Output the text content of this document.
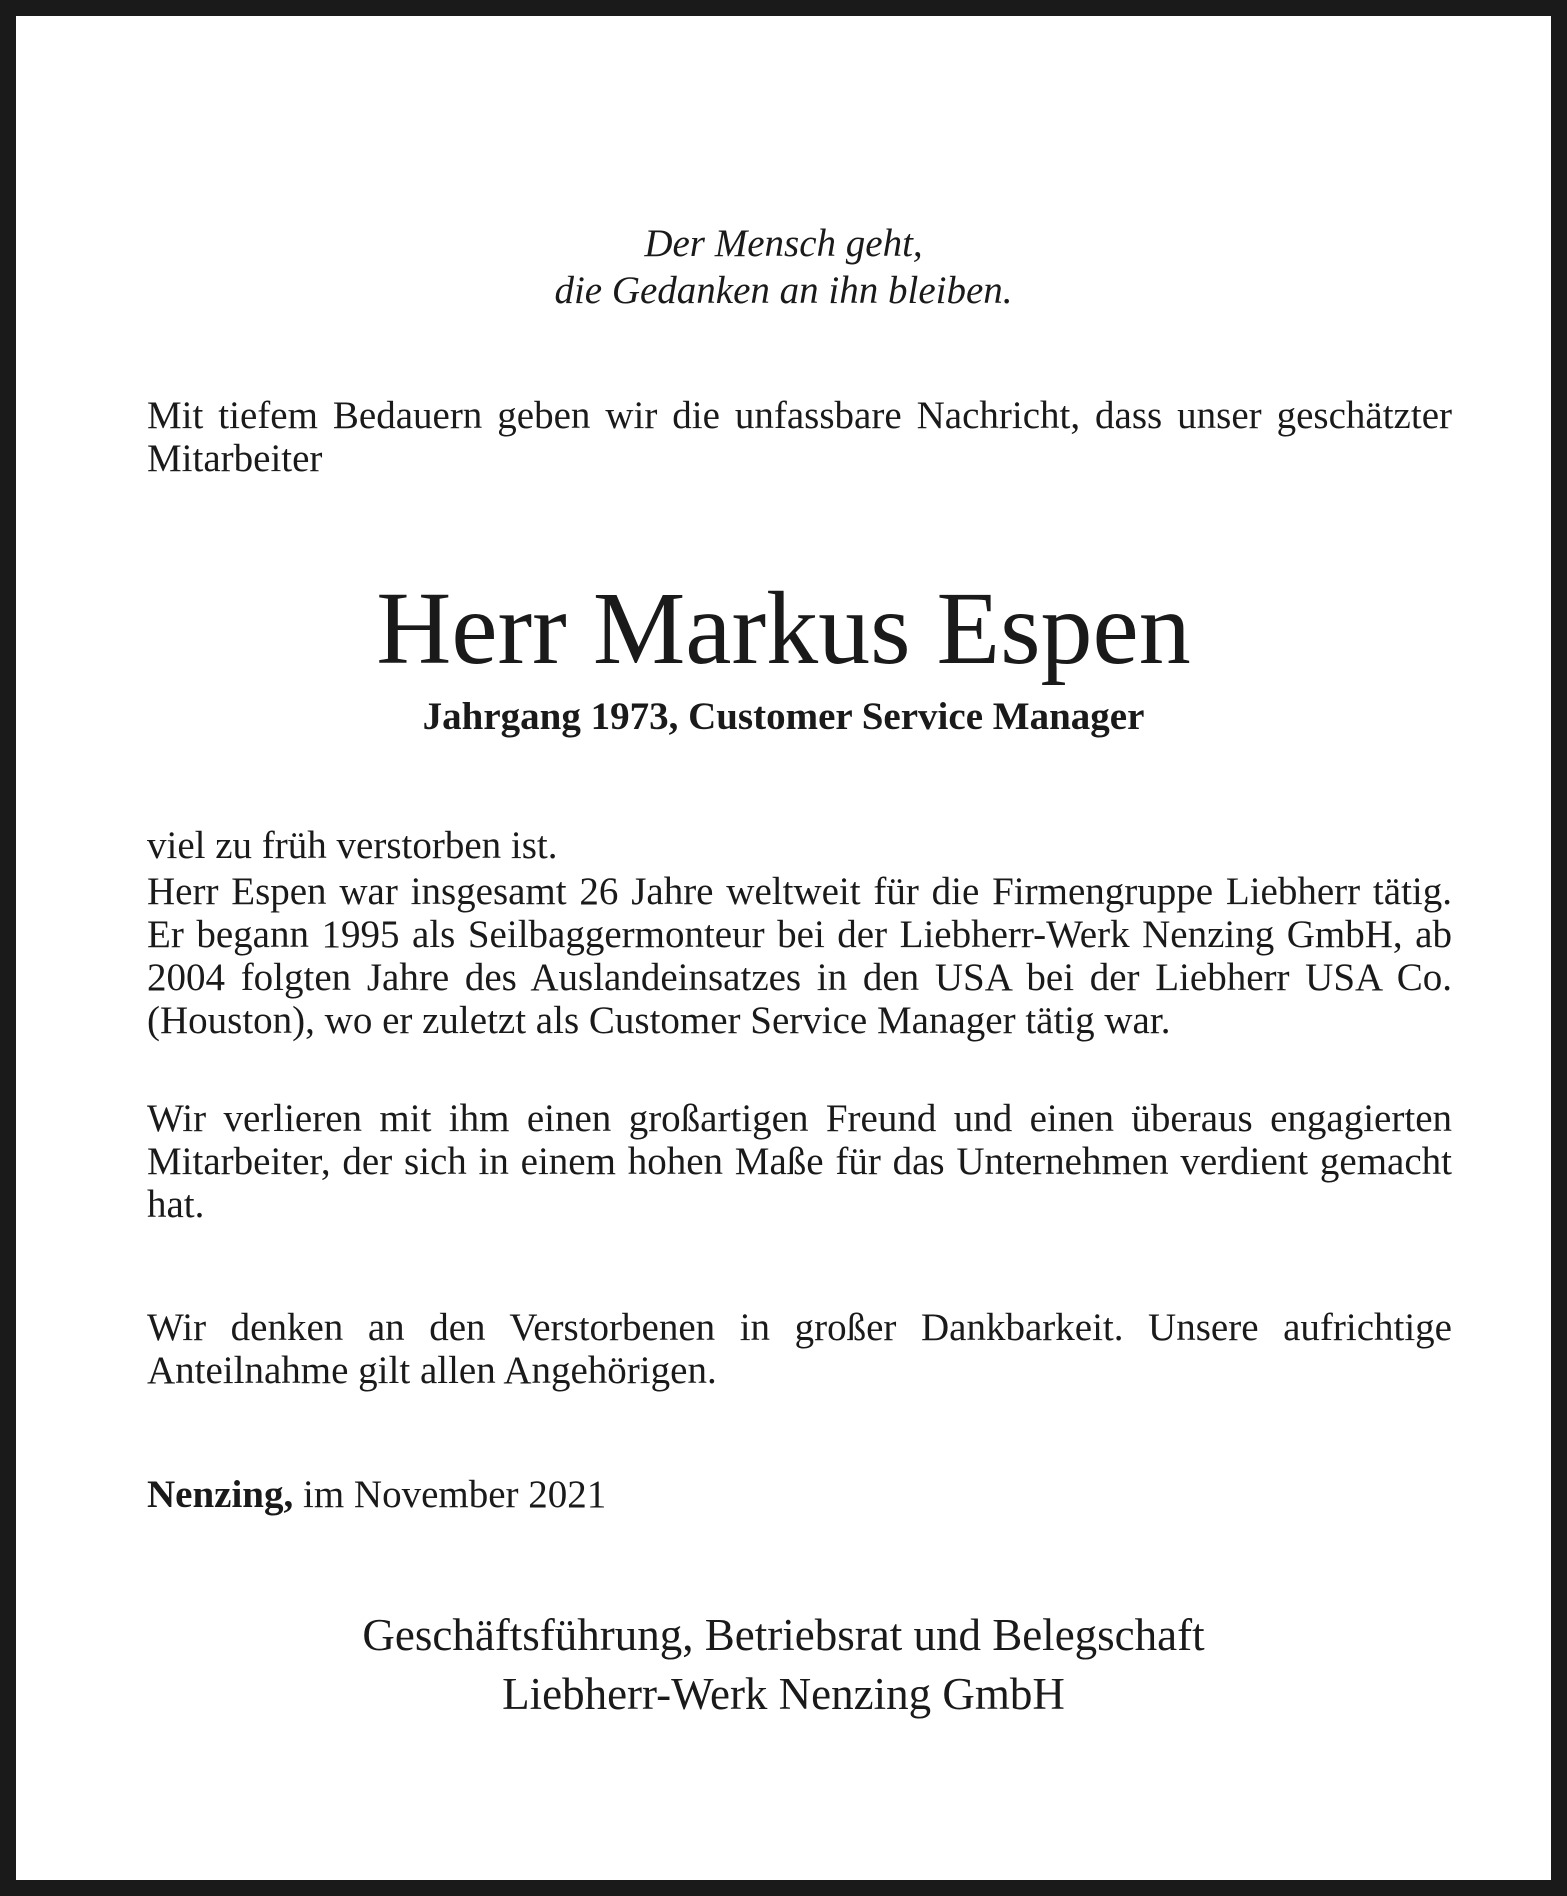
Der Mensch geht,
die Gedanken an ihn bleiben.
Mit tiefem Bedauern geben wir die unfassbare Nachricht, dass unser geschätzter Mitarbeiter
Herr Markus Espen
Jahrgang 1973, Customer Service Manager
viel zu früh verstorben ist.
Herr Espen war insgesamt 26 Jahre weltweit für die Firmengruppe Liebherr tätig. Er begann 1995 als Seilbaggermonteur bei der Liebherr-Werk Nenzing GmbH, ab 2004 folgten Jahre des Auslandeinsatzes in den USA bei der Liebherr USA Co. (Houston), wo er zuletzt als Customer Service Manager tätig war.
Wir verlieren mit ihm einen großartigen Freund und einen überaus engagierten Mitarbeiter, der sich in einem hohen Maße für das Unternehmen verdient gemacht hat.
Wir denken an den Verstorbenen in großer Dankbarkeit. Unsere aufrichtige Anteilnahme gilt allen Angehörigen.
Nenzing, im November 2021
Geschäftsführung, Betriebsrat und Belegschaft
Liebherr-Werk Nenzing GmbH
